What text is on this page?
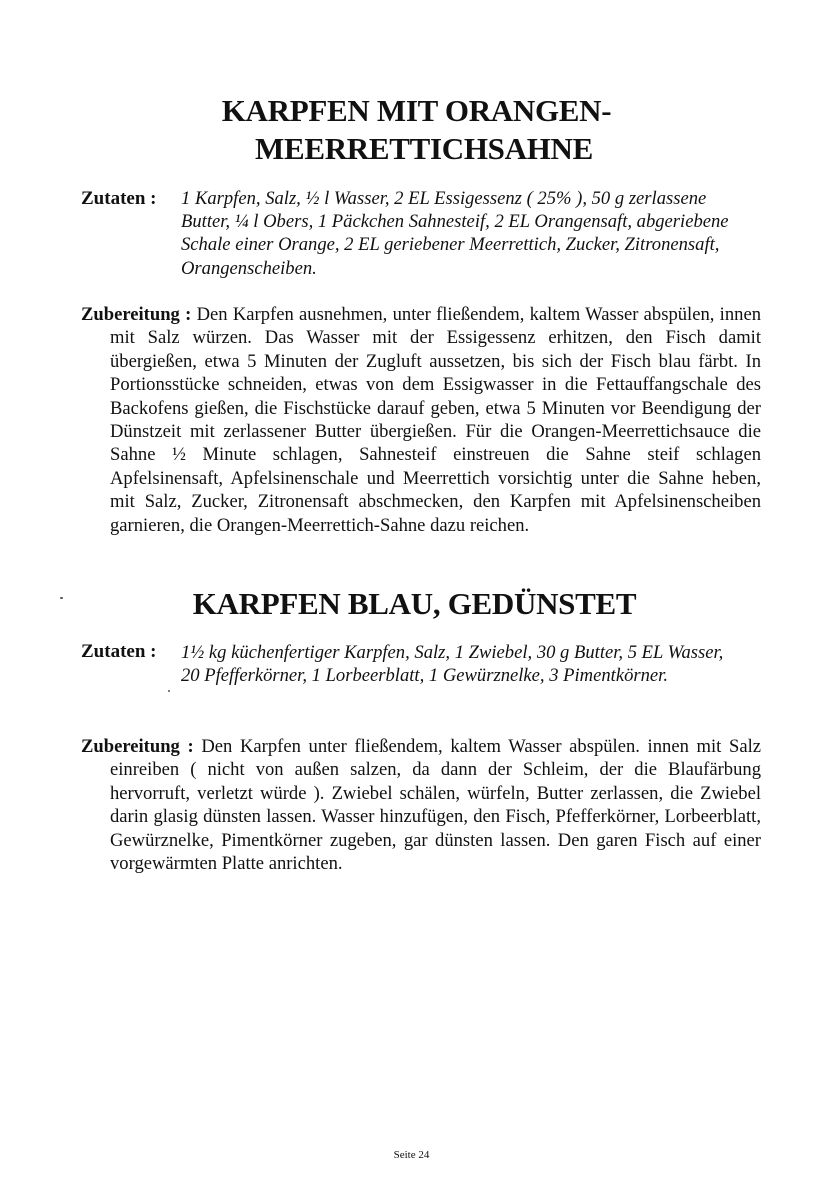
KARPFEN MIT ORANGEN-
MEERRETTICHSAHNE
Zutaten : 1 Karpfen, Salz, ½ l Wasser, 2 EL Essigessenz ( 25% ), 50 g zerlassene Butter, ¼ l Obers, 1 Päckchen Sahnesteif, 2 EL Orangensaft, abgeriebene Schale einer Orange, 2 EL geriebener Meerrettich, Zucker, Zitronensaft, Orangenscheiben.

Zubereitung : Den Karpfen ausnehmen, unter fließendem, kaltem Wasser abspülen, innen mit Salz würzen. Das Wasser mit der Essigessenz erhitzen, den Fisch damit übergießen, etwa 5 Minuten der Zugluft aussetzen, bis sich der Fisch blau färbt. In Portionsstücke schneiden, etwas von dem Essigwasser in die Fettauffangschale des Backofens gießen, die Fischstücke darauf geben, etwa 5 Minuten vor Beendigung der Dünstzeit mit zerlassener Butter übergießen. Für die Orangen-Meerrettichsauce die Sahne ½ Minute schlagen, Sahnesteif einstreuen die Sahne steif schlagen Apfelsinensaft, Apfelsinenschale und Meerrettich vorsichtig unter die Sahne heben, mit Salz, Zucker, Zitronensaft abschmecken, den Karpfen mit Apfelsinenscheiben garnieren, die Orangen-Meerrettich-Sahne dazu reichen.

KARPFEN BLAU, GEDÜNSTET
Zutaten : 1½ kg küchenfertiger Karpfen, Salz, 1 Zwiebel, 30 g Butter, 5 EL Wasser, 20 Pfefferkörner, 1 Lorbeerblatt, 1 Gewürznelke, 3 Pimentkörner.

Zubereitung : Den Karpfen unter fließendem, kaltem Wasser abspülen. innen mit Salz einreiben ( nicht von außen salzen, da dann der Schleim, der die Blaufärbung hervorruft, verletzt würde ). Zwiebel schälen, würfeln, Butter zerlassen, die Zwiebel darin glasig dünsten lassen. Wasser hinzufügen, den Fisch, Pfefferkörner, Lorbeerblatt, Gewürznelke, Pimentkörner zugeben, gar dünsten lassen. Den garen Fisch auf einer vorgewärmten Platte anrichten.

Seite 24
